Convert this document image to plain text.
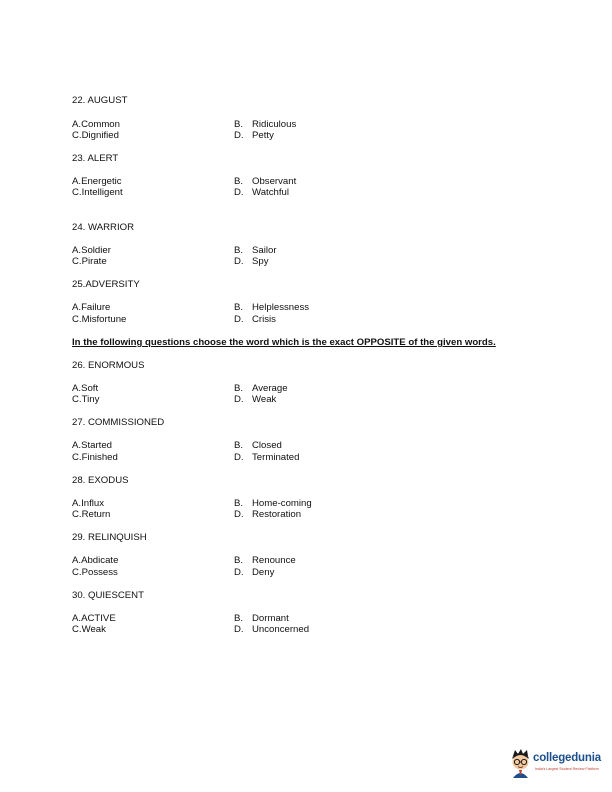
22. AUGUST
A.Common	B. Ridiculous
C.Dignified	D. Petty
23. ALERT
A.Energetic	B. Observant
C.Intelligent	D. Watchful
24. WARRIOR
A.Soldier	B. Sailor
C.Pirate	D. Spy
25.ADVERSITY
A.Failure	B. Helplessness
C.Misfortune	D. Crisis
In the following questions choose the word which is the exact OPPOSITE of the given words.
26. ENORMOUS
A.Soft	B. Average
C.Tiny	D. Weak
27. COMMISSIONED
A.Started	B. Closed
C.Finished	D. Terminated
28. EXODUS
A.Influx	B. Home-coming
C.Return	D. Restoration
29. RELINQUISH
A.Abdicate	B. Renounce
C.Possess	D. Deny
30. QUIESCENT
A.ACTIVE	B. Dormant
C.Weak	D. Unconcerned
collegedunia
India's Largest Student Review Platform
